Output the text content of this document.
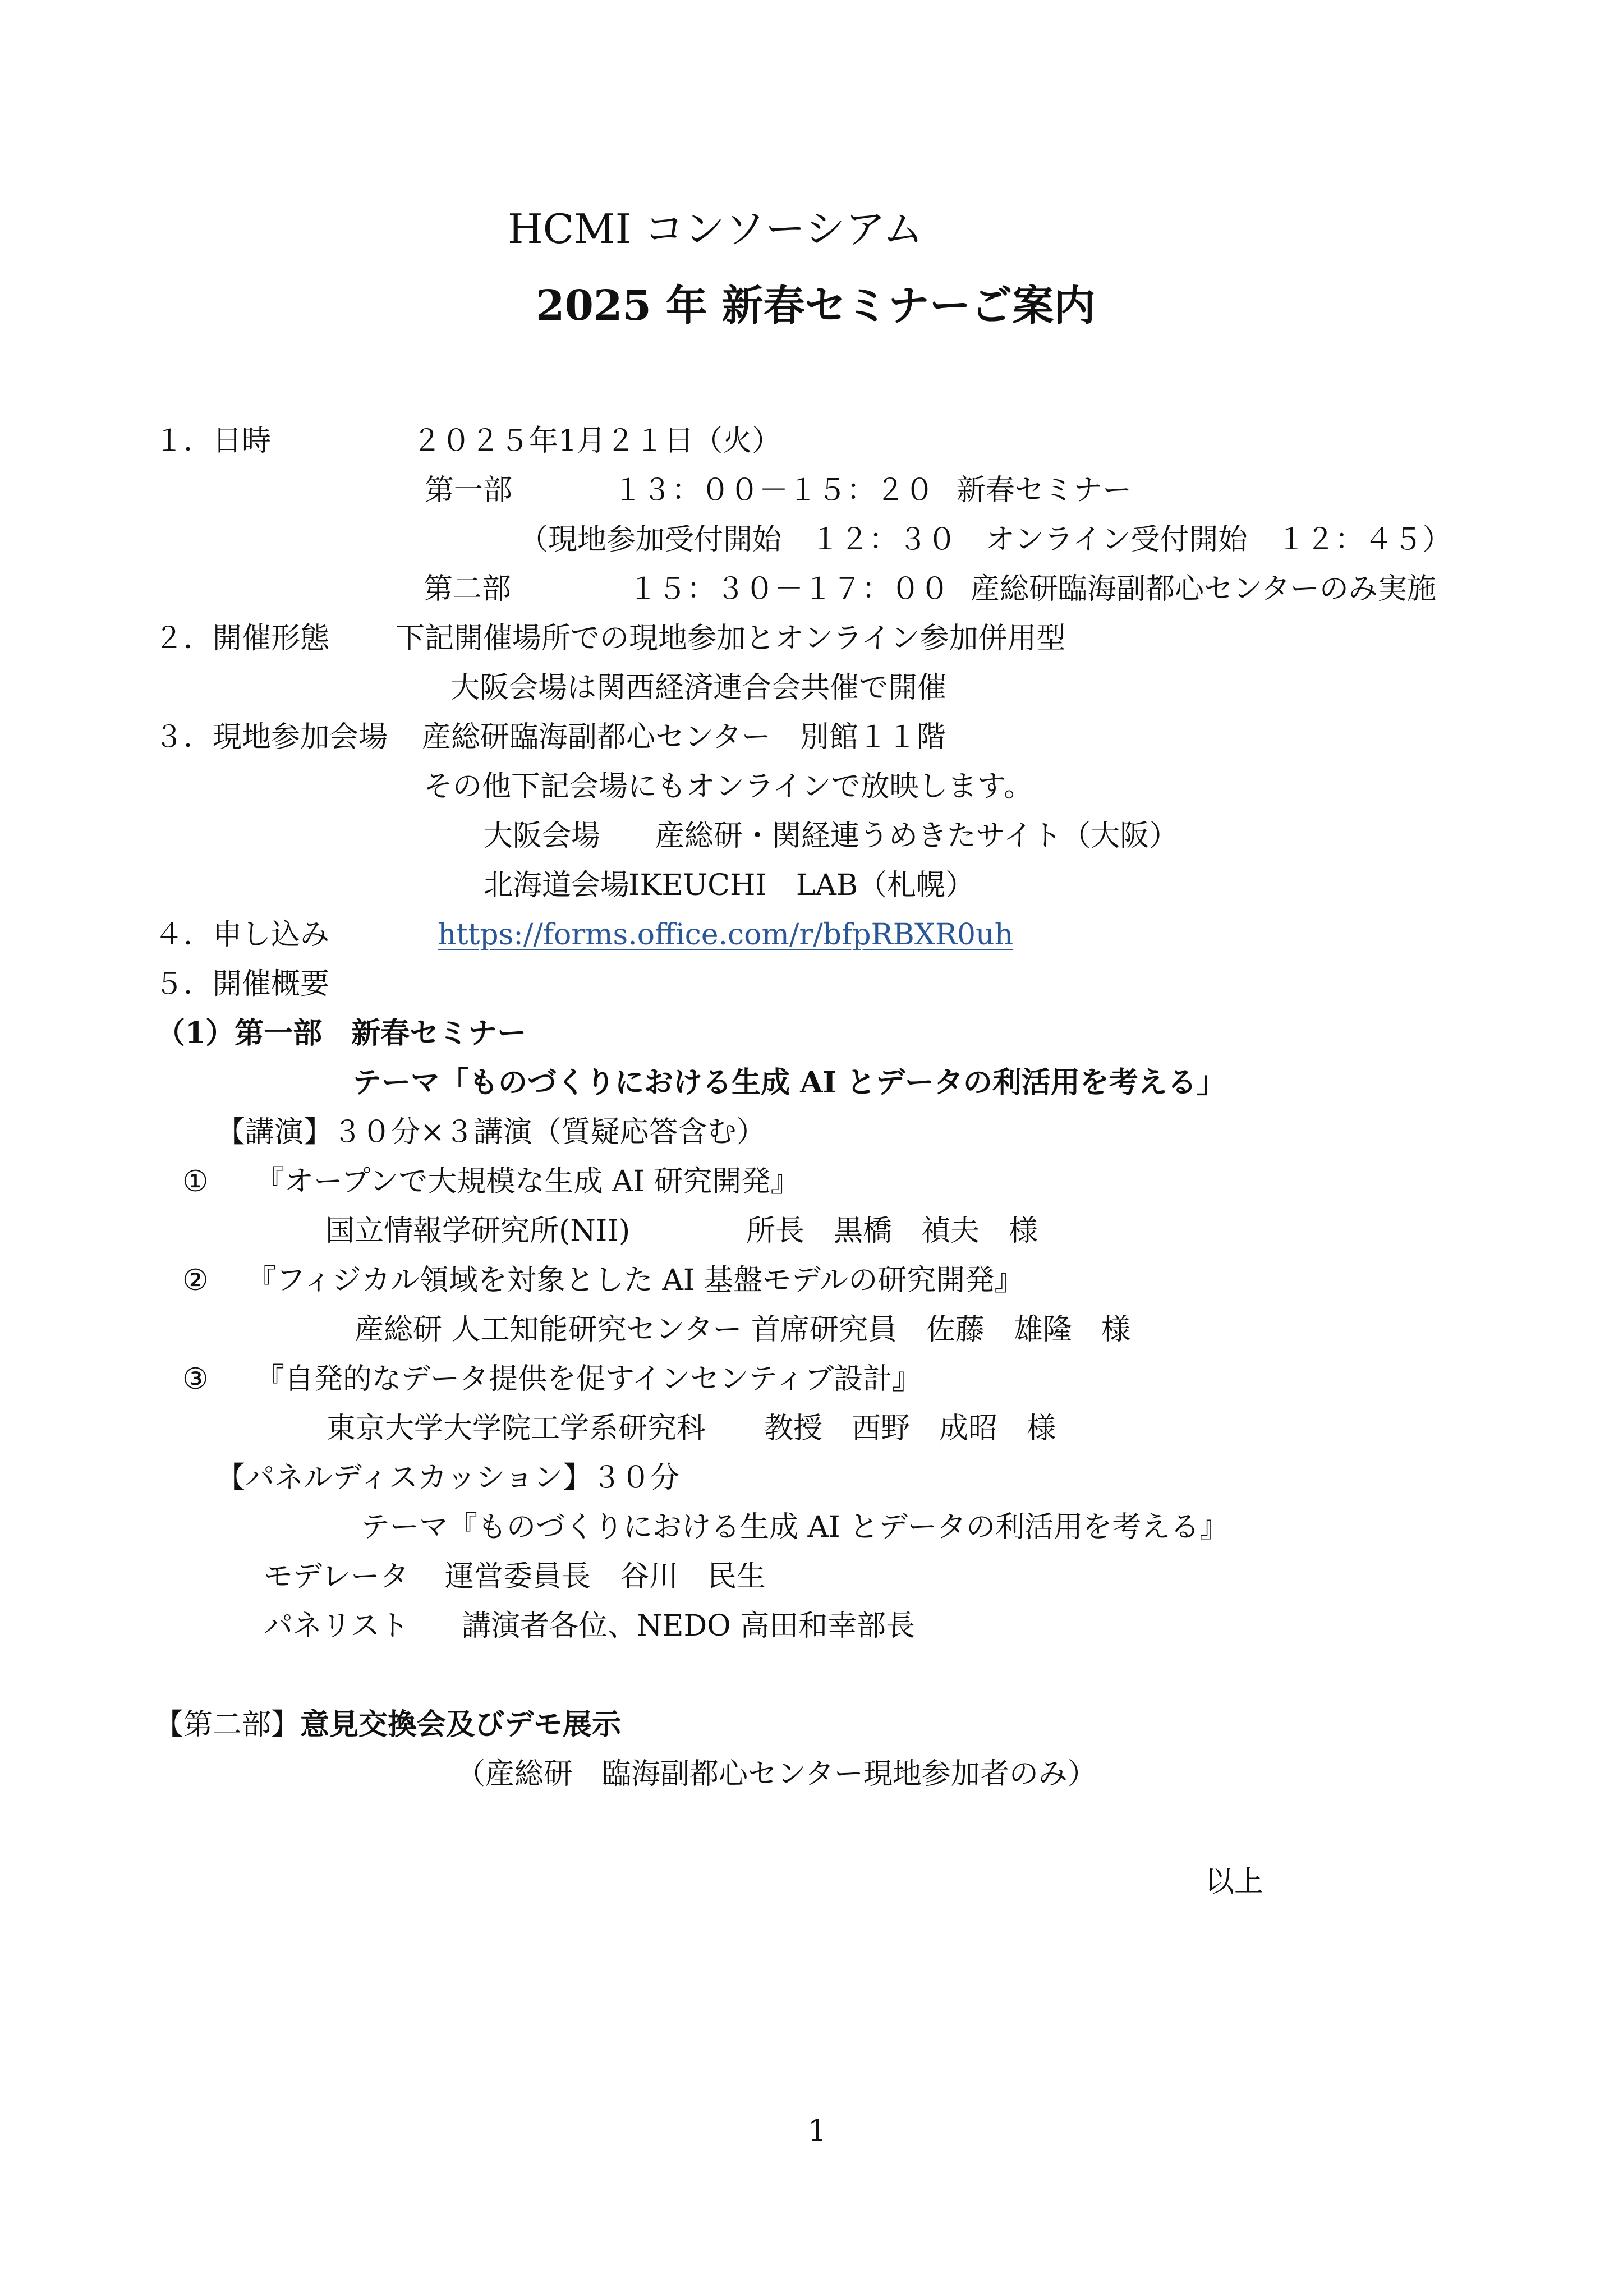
HCMI コンソーシアム
2025 年 新春セミナーご案内
１．日時	２０２５年1月２１日（火）
第一部	１３：００－１５：２０ 新春セミナー
（現地参加受付開始　１２：３０　オンライン受付開始　１２：４５）
第二部	１５：３０－１７：００ 産総研臨海副都心センターのみ実施
２．開催形態 下記開催場所での現地参加とオンライン参加併用型
大阪会場は関西経済連合会共催で開催
３．現地参加会場 産総研臨海副都心センター　別館１１階
その他下記会場にもオンラインで放映します。
大阪会場 産総研・関経連うめきたサイト（大阪）
北海道会場
IKEUCHI　LAB（札幌）
４．申し込み	https://forms.office.com/r/bfpRBXR0uh
５．開催概要
（1）第一部　新春セミナー
テーマ「ものづくりにおける生成 AI とデータの利活用を考える」
【講演】３０分×３講演（質疑応答含む）
① 『オープンで大規模な生成 AI 研究開発』
国立情報学研究所(NII)	所長　黒橋　禎夫　様
② 『フィジカル領域を対象とした AI 基盤モデルの研究開発』
産総研 人工知能研究センター 首席研究員　佐藤　雄隆　様
③ 『自発的なデータ提供を促すインセンティブ設計』
東京大学大学院工学系研究科 教授　西野　成昭　様
【パネルディスカッション】３０分
テーマ『ものづくりにおける生成 AI とデータの利活用を考える』
モデレータ 運営委員長　谷川　民生
パネリスト 講演者各位、NEDO 高田和幸部長
【第二部】意見交換会及びデモ展示
（産総研　臨海副都心センター現地参加者のみ）
以上
1
